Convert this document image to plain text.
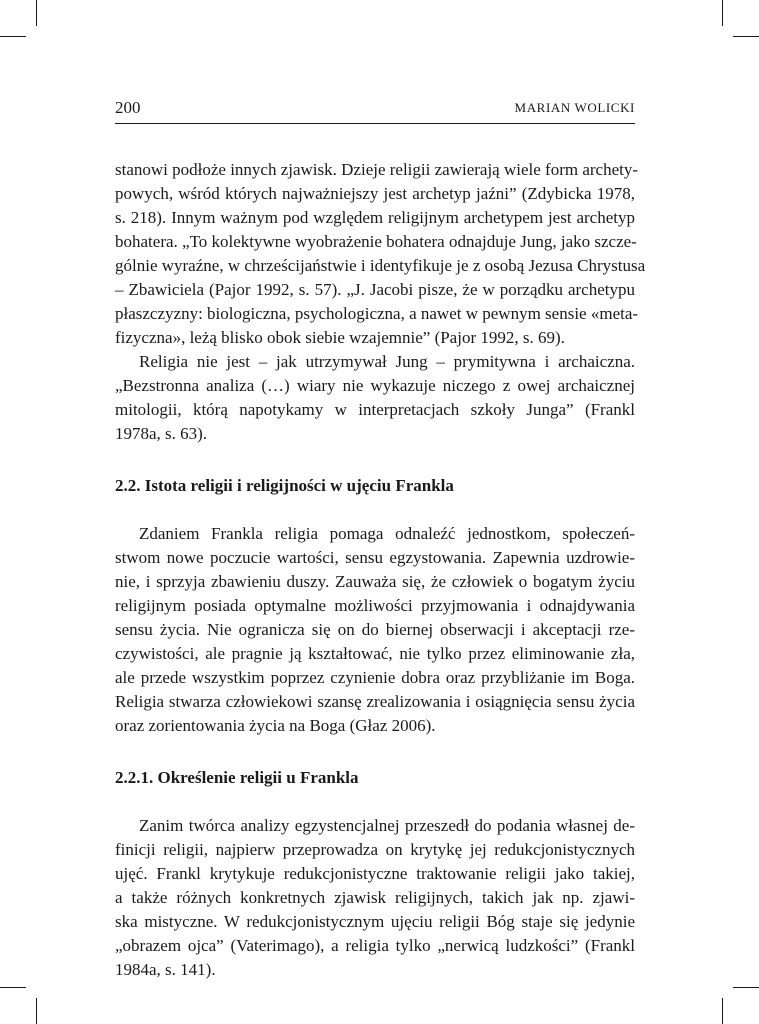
200	MARIAN WOLICKI
stanowi podłoże innych zjawisk. Dzieje religii zawierają wiele form archety-
powych, wśród których najważniejszy jest archetyp jaźni” (Zdybicka 1978,
s. 218). Innym ważnym pod względem religijnym archetypem jest archetyp
bohatera. „To kolektywne wyobrażenie bohatera odnajduje Jung, jako szcze-
gólnie wyraźne, w chrześcijaństwie i identyfikuje je z osobą Jezusa Chrystusa
– Zbawiciela (Pajor 1992, s. 57). „J. Jacobi pisze, że w porządku archetypu
płaszczyzny: biologiczna, psychologiczna, a nawet w pewnym sensie «meta-
fizyczna», leżą blisko obok siebie wzajemnie” (Pajor 1992, s. 69).
Religia nie jest – jak utrzymywał Jung – prymitywna i archaiczna.
„Bezstronna analiza (…) wiary nie wykazuje niczego z owej archaicznej
mitologii, którą napotykamy w interpretacjach szkoły Junga” (Frankl
1978a, s. 63).
2.2. Istota religii i religijności w ujęciu Frankla
Zdaniem Frankla religia pomaga odnaleźć jednostkom, społeczeń-
stwom nowe poczucie wartości, sensu egzystowania. Zapewnia uzdrowie-
nie, i sprzyja zbawieniu duszy. Zauważa się, że człowiek o bogatym życiu
religijnym posiada optymalne możliwości przyjmowania i odnajdywania
sensu życia. Nie ogranicza się on do biernej obserwacji i akceptacji rze-
czywistości, ale pragnie ją kształtować, nie tylko przez eliminowanie zła,
ale przede wszystkim poprzez czynienie dobra oraz przybliżanie im Boga.
Religia stwarza człowiekowi szansę zrealizowania i osiągnięcia sensu życia
oraz zorientowania życia na Boga (Głaz 2006).
2.2.1. Określenie religii u Frankla
Zanim twórca analizy egzystencjalnej przeszedł do podania własnej de-
finicji religii, najpierw przeprowadza on krytykę jej redukcjonistycznych
ujęć. Frankl krytykuje redukcjonistyczne traktowanie religii jako takiej,
a także różnych konkretnych zjawisk religijnych, takich jak np. zjawi-
ska mistyczne. W redukcjonistycznym ujęciu religii Bóg staje się jedynie
„obrazem ojca” (Vaterimago), a religia tylko „nerwicą ludzkości” (Frankl
1984a, s. 141).
